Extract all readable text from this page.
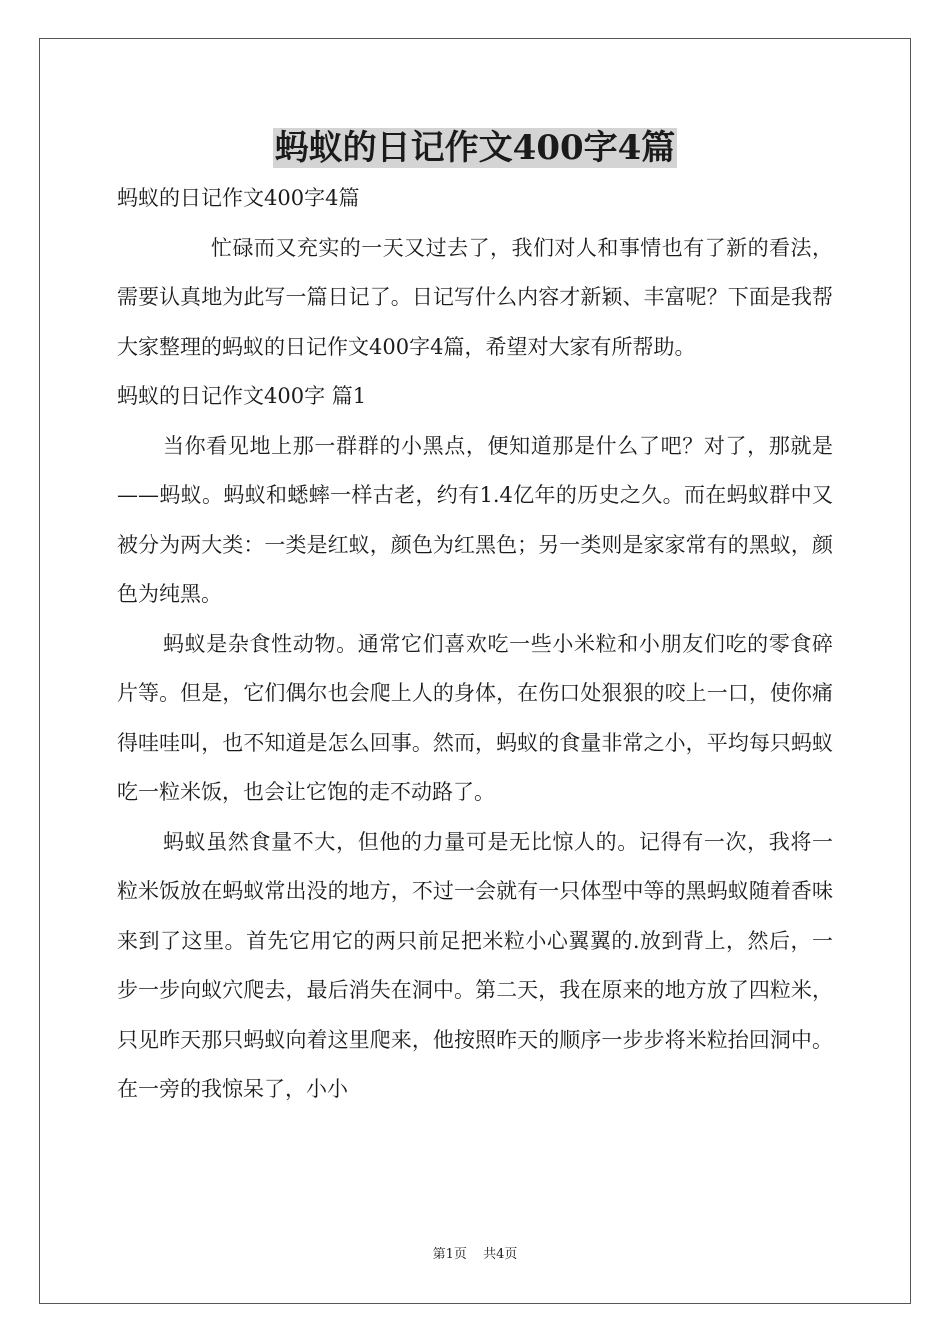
蚂蚁的日记作文400字4篇

蚂蚁的日记作文400字4篇

忙碌而又充实的一天又过去了，我们对人和事情也有了新的看法，需要认真地为此写一篇日记了。日记写什么内容才新颖、丰富呢？下面是我帮大家整理的蚂蚁的日记作文400字4篇，希望对大家有所帮助。

蚂蚁的日记作文400字 篇1

当你看见地上那一群群的小黑点，便知道那是什么了吧？对了，那就是——蚂蚁。蚂蚁和蟋蟀一样古老，约有1.4亿年的历史之久。而在蚂蚁群中又被分为两大类：一类是红蚁，颜色为红黑色；另一类则是家家常有的黑蚁，颜色为纯黑。

蚂蚁是杂食性动物。通常它们喜欢吃一些小米粒和小朋友们吃的零食碎片等。但是，它们偶尔也会爬上人的身体，在伤口处狠狠的咬上一口，使你痛得哇哇叫，也不知道是怎么回事。然而，蚂蚁的食量非常之小，平均每只蚂蚁吃一粒米饭，也会让它饱的走不动路了。

蚂蚁虽然食量不大，但他的力量可是无比惊人的。记得有一次，我将一粒米饭放在蚂蚁常出没的地方，不过一会就有一只体型中等的黑蚂蚁随着香味来到了这里。首先它用它的两只前足把米粒小心翼翼的.放到背上，然后，一步一步向蚁穴爬去，最后消失在洞中。第二天，我在原来的地方放了四粒米，只见昨天那只蚂蚁向着这里爬来，他按照昨天的顺序一步步将米粒抬回洞中。在一旁的我惊呆了，小小

第1页 共4页
